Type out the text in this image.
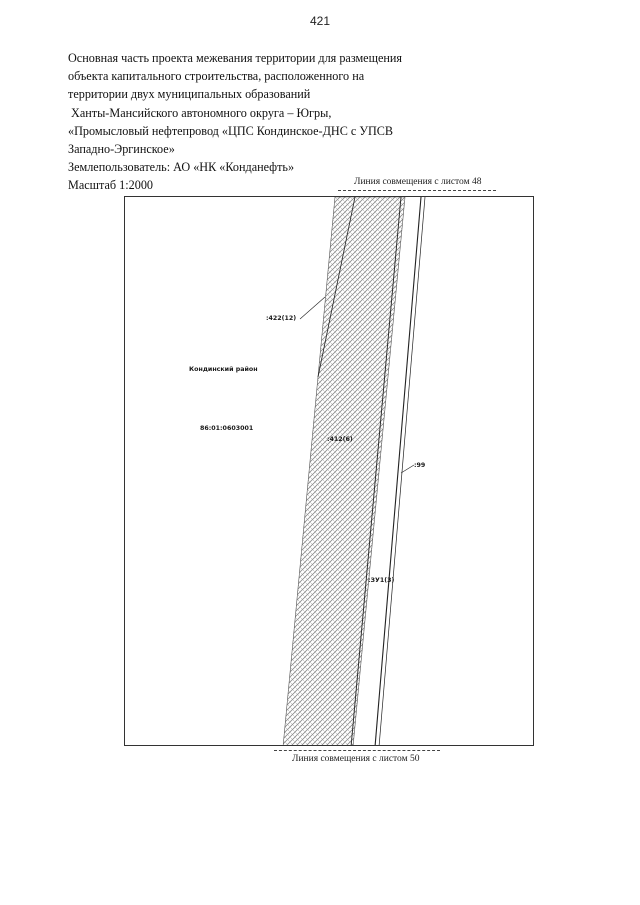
421
Основная часть проекта межевания территории для размещения
объекта капитального строительства, расположенного на
территории двух муниципальных образований
Ханты-Мансийского автономного округа – Югры,
«Промысловый нефтепровод «ЦПС Кондинское-ДНС с УПСВ
Западно-Эргинское»
Землепользователь: АО «НК «Конданефть»
Масштаб 1:2000	Линия совмещения с листом 48
:422(12)
Кондинский район
86:01:0603001
:412(6)
:99
:ЗУ1(3)
Линия совмещения с листом 50
